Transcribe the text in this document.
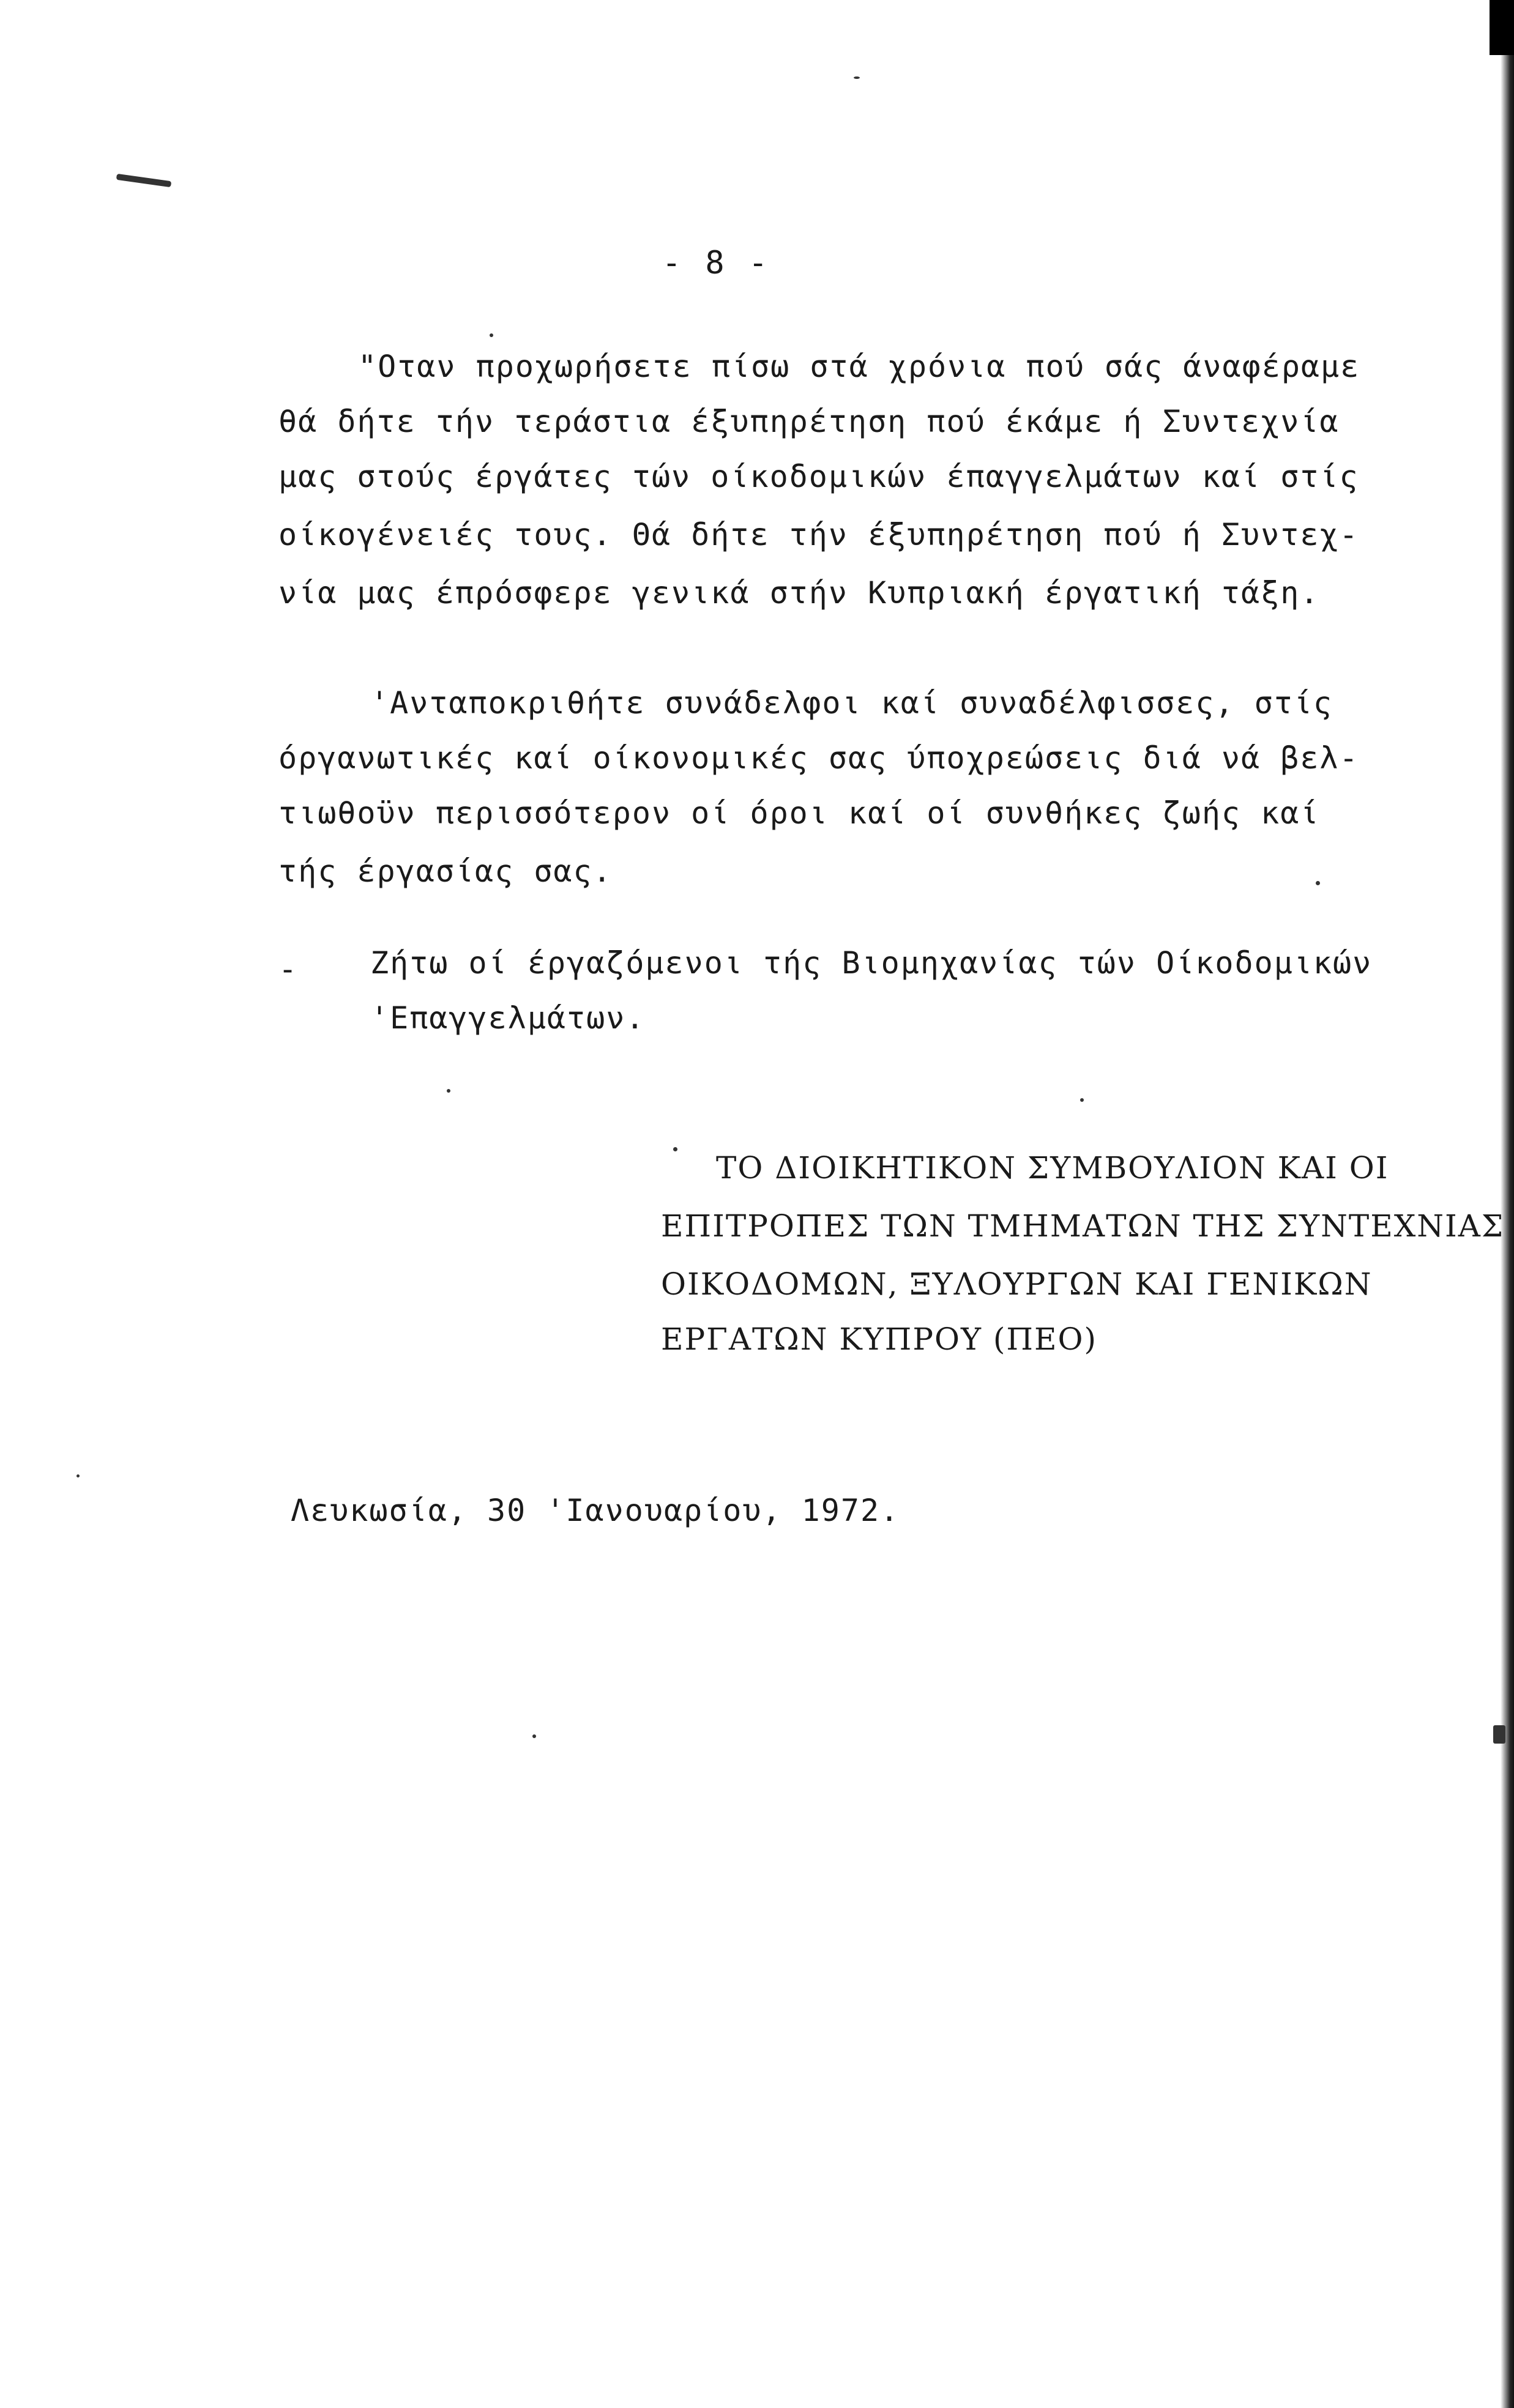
- 8 -
"Οταν προχωρήσετε πίσω στά χρόνια πού σάς άναφέραμε
θά δήτε τήν τεράστια έξυπηρέτηση πού έκάμε ή Συντεχνία
μας στούς έργάτες τών οίκοδομικών έπαγγελμάτων καί στίς
οίκογένειές τους. Θά δήτε τήν έξυπηρέτηση πού ή Συντεχ-
νία μας έπρόσφερε γενικά στήν Κυπριακή έργατική τάξη.
'Ανταποκριθήτε συνάδελφοι καί συναδέλφισσες, στίς
όργανωτικές καί οίκονομικές σας ύποχρεώσεις διά νά βελ-
τιωθοϋν περισσότερον οί όροι καί οί συνθήκες ζωής καί
τής έργασίας σας.
- Ζήτω οί έργαζόμενοι τής Βιομηχανίας τών Οίκοδομικών
'Επαγγελμάτων.
ΤΟ ΔΙΟΙΚΗΤΙΚΟΝ ΣΥΜΒΟΥΛΙΟΝ ΚΑΙ ΟΙ
ΕΠΙΤΡΟΠΕΣ ΤΩΝ ΤΜΗΜΑΤΩΝ ΤΗΣ ΣΥΝΤΕΧΝΙΑΣ
ΟΙΚΟΔΟΜΩΝ, ΞΥΛΟΥΡΓΩΝ ΚΑΙ ΓΕΝΙΚΩΝ
ΕΡΓΑΤΩΝ ΚΥΠΡΟΥ (ΠΕΟ)
Λευκωσία, 30 'Ιανουαρίου, 1972.
